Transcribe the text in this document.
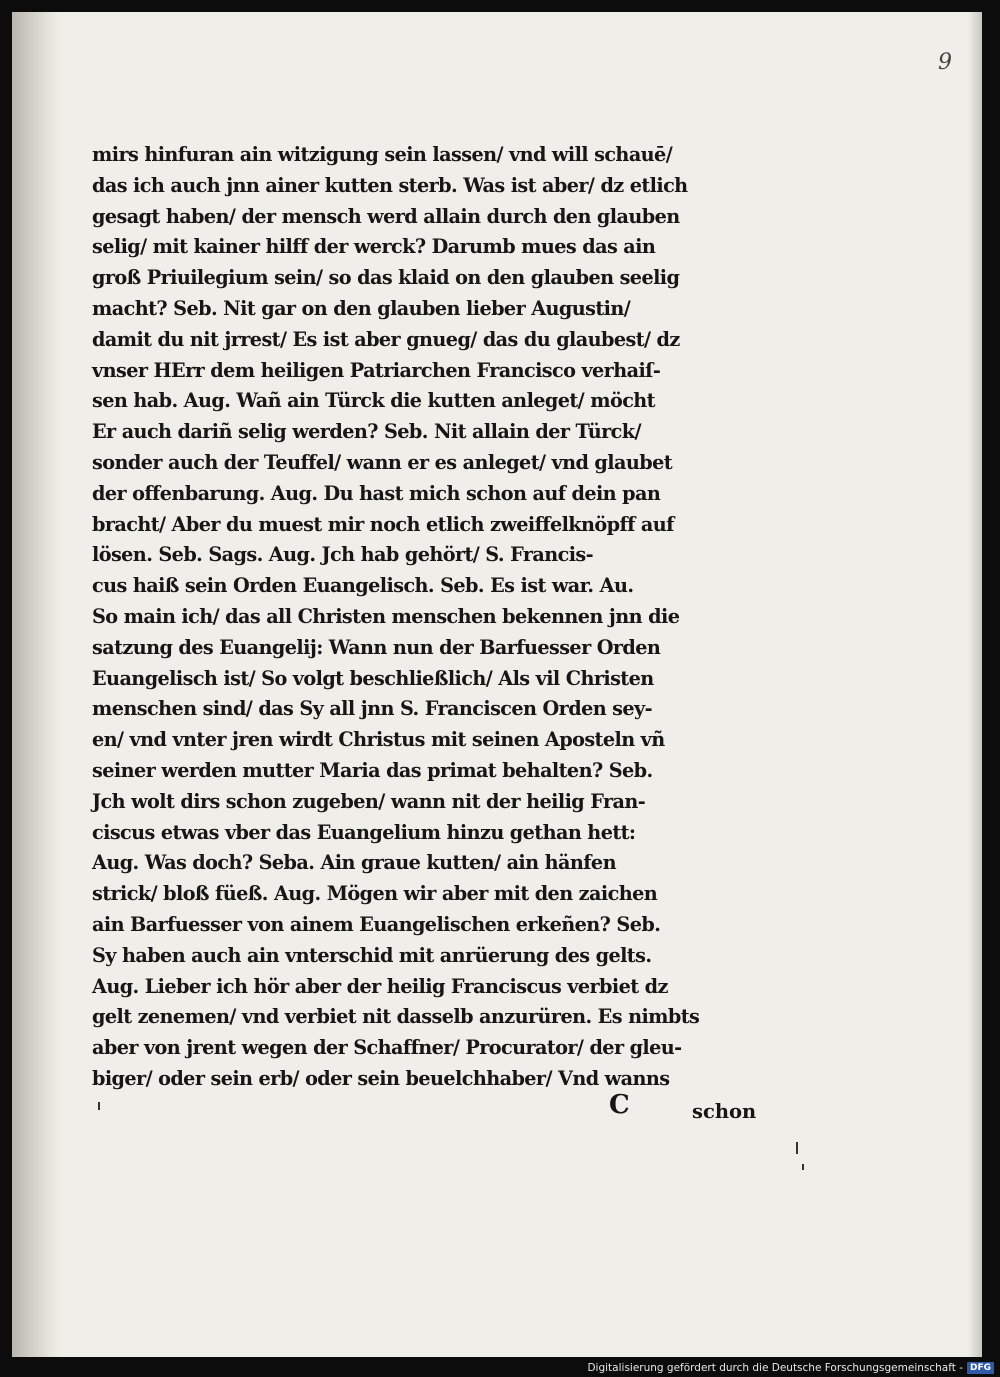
9
mirs hinfuran ain witzigung sein lassen/ vnd will schauē/
das ich auch jnn ainer kutten sterb. Was ist aber/ dz etlich
gesagt haben/ der mensch werd allain durch den glauben
selig/ mit kainer hilff der werck? Darumb mues das ain
groß Priuilegium sein/ so das klaid on den glauben seelig
macht? Seb. Nit gar on den glauben lieber Augustin/
damit du nit jrrest/ Es ist aber gnueg/ das du glaubest/ dz
vnser HErr dem heiligen Patriarchen Francisco verhaiſ-
sen hab. Aug. Wañ ain Türck die kutten anleget/ möcht
Er auch dariñ selig werden? Seb. Nit allain der Türck/
sonder auch der Teuffel/ wann er es anleget/ vnd glaubet
der offenbarung. Aug. Du hast mich schon auf dein pan
bracht/ Aber du muest mir noch etlich zweiffelknöpff auf
lösen. Seb. Sags. Aug. Jch hab gehört/ S. Francis-
cus haiß sein Orden Euangelisch. Seb. Es ist war. Au.
So main ich/ das all Christen menschen bekennen jnn die
satzung des Euangelij: Wann nun der Barfuesser Orden
Euangelisch ist/ So volgt beschließlich/ Als vil Christen
menschen sind/ das Sy all jnn S. Franciscen Orden sey-
en/ vnd vnter jren wirdt Christus mit seinen Aposteln vñ
seiner werden mutter Maria das primat behalten? Seb.
Jch wolt dirs schon zugeben/ wann nit der heilig Fran-
ciscus etwas vber das Euangelium hinzu gethan hett:
Aug. Was doch? Seba. Ain graue kutten/ ain hänfen
strick/ bloß füeß. Aug. Mögen wir aber mit den zaichen
ain Barfuesser von ainem Euangelischen erkeñen? Seb.
Sy haben auch ain vnterschid mit anrüerung des gelts.
Aug. Lieber ich hör aber der heilig Franciscus verbiet dz
gelt zenemen/ vnd verbiet nit dasselb anzurüren. Es nimbts
aber von jrent wegen der Schaffner/ Procurator/ der gleu-
biger/ oder sein erb/ oder sein beuelchhaber/ Vnd wanns
C	schon
Digitalisierung gefördert durch die Deutsche Forschungsgemeinschaft - DFG
